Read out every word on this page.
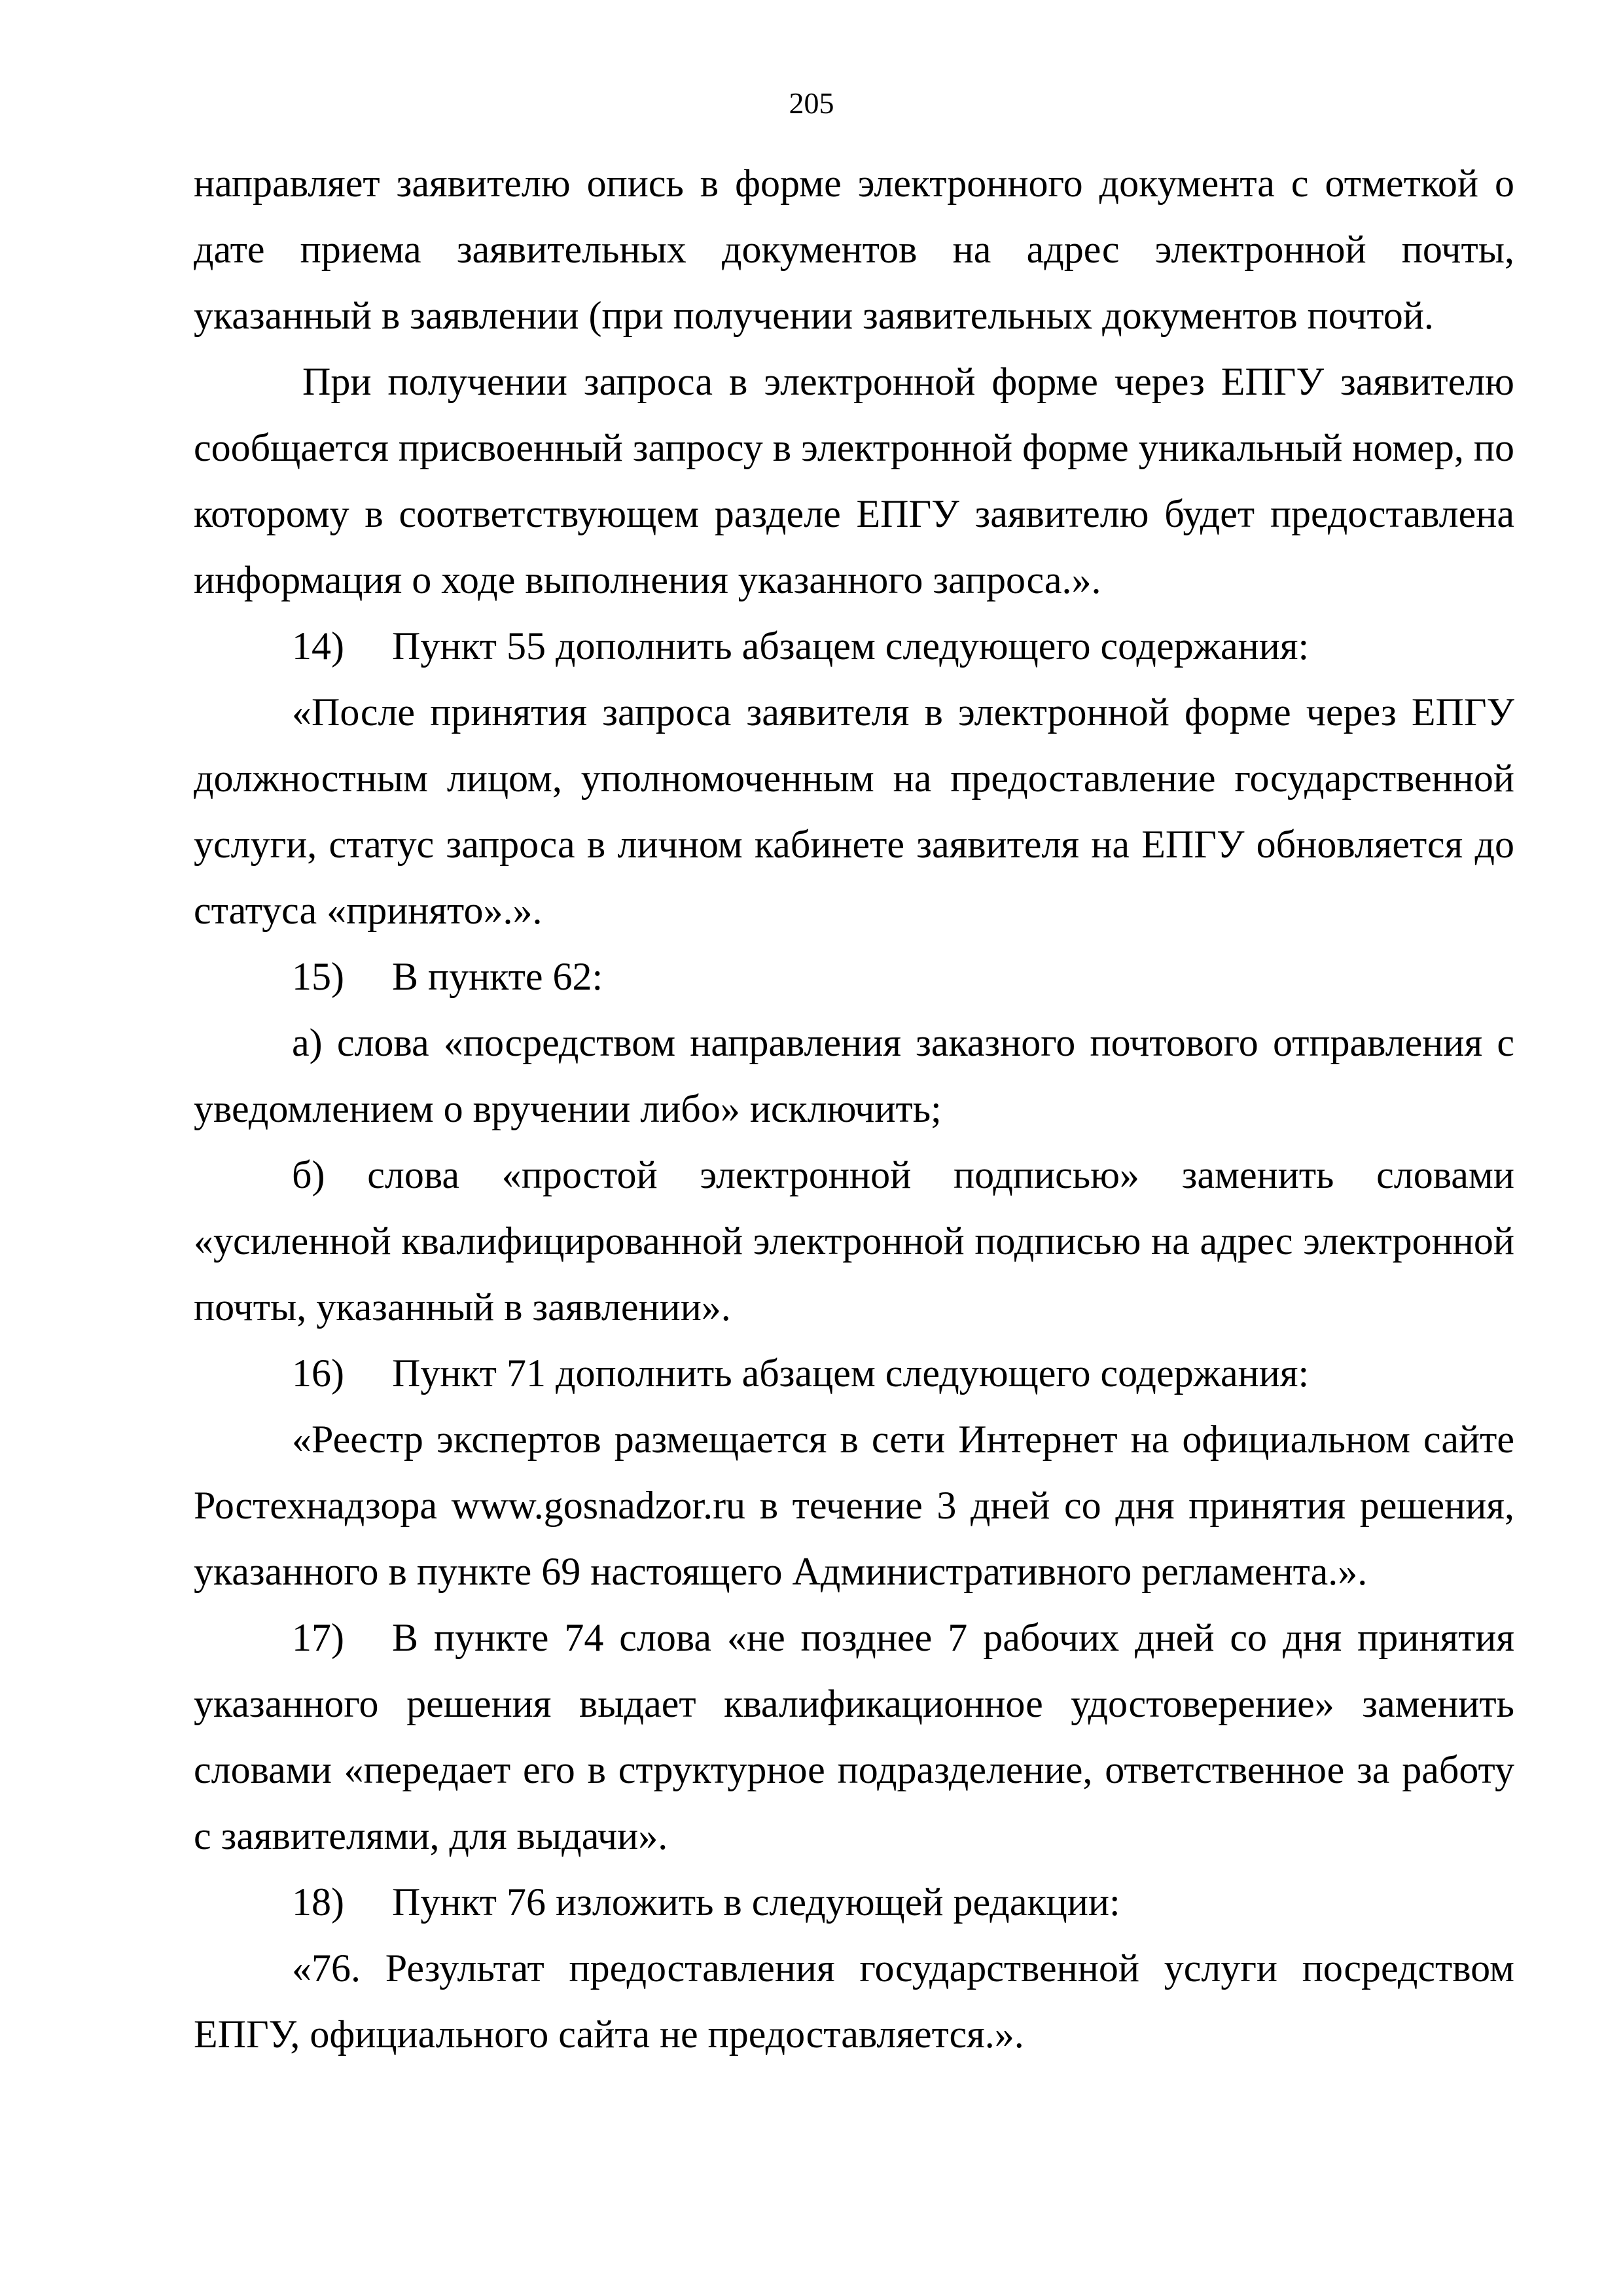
205

направляет заявителю опись в форме электронного документа с отметкой о дате приема заявительных документов на адрес электронной почты, указанный в заявлении (при получении заявительных документов почтой.

При получении запроса в электронной форме через ЕПГУ заявителю сообщается присвоенный запросу в электронной форме уникальный номер, по которому в соответствующем разделе ЕПГУ заявителю будет предоставлена информация о ходе выполнения указанного запроса.».

14) Пункт 55 дополнить абзацем следующего содержания:

«После принятия запроса заявителя в электронной форме через ЕПГУ должностным лицом, уполномоченным на предоставление государственной услуги, статус запроса в личном кабинете заявителя на ЕПГУ обновляется до статуса «принято».».

15) В пункте 62:

а) слова «посредством направления заказного почтового отправления с уведомлением о вручении либо» исключить;

б) слова «простой электронной подписью» заменить словами «усиленной квалифицированной электронной подписью на адрес электронной почты, указанный в заявлении».

16) Пункт 71 дополнить абзацем следующего содержания:

«Реестр экспертов размещается в сети Интернет на официальном сайте Ростехнадзора www.gosnadzor.ru в течение 3 дней со дня принятия решения, указанного в пункте 69 настоящего Административного регламента.».

17) В пункте 74 слова «не позднее 7 рабочих дней со дня принятия указанного решения выдает квалификационное удостоверение» заменить словами «передает его в структурное подразделение, ответственное за работу с заявителями, для выдачи».

18) Пункт 76 изложить в следующей редакции:

«76. Результат предоставления государственной услуги посредством ЕПГУ, официального сайта не предоставляется.».
